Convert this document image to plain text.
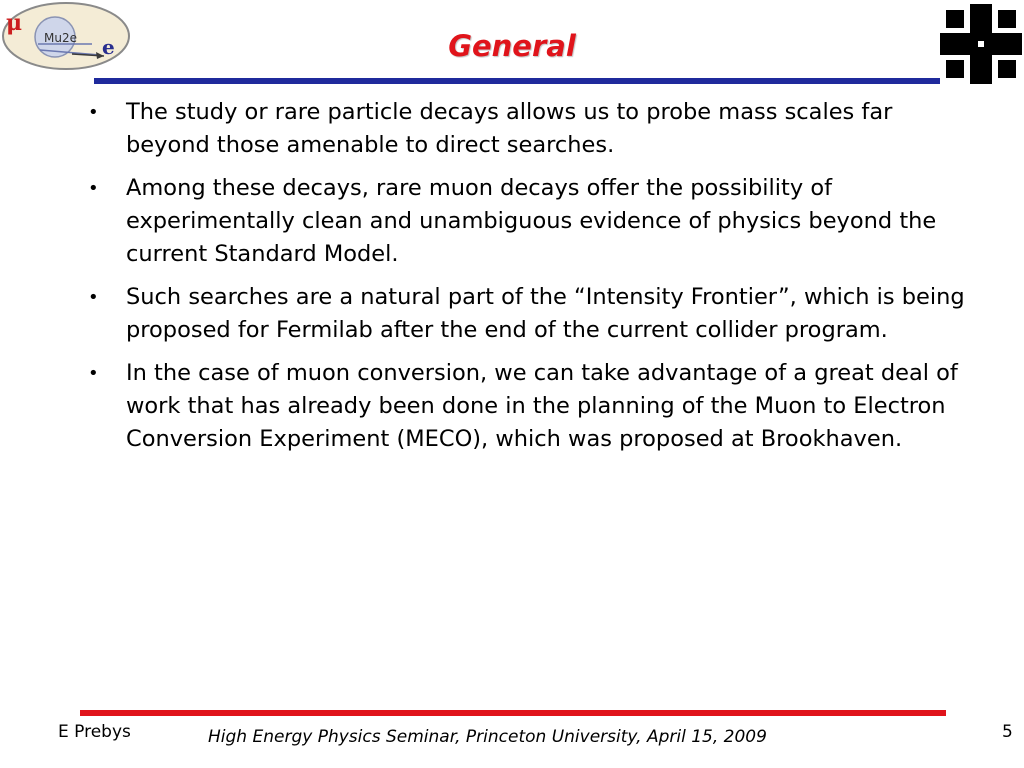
Mu2e
μ
e	General
• The study or rare particle decays allows us to probe mass scales far beyond those amenable to direct searches.
• Among these decays, rare muon decays offer the possibility of experimentally clean and unambiguous evidence of physics beyond the current Standard Model.
• Such searches are a natural part of the “Intensity Frontier”, which is being proposed for Fermilab after the end of the current collider program.
• In the case of muon conversion, we can take advantage of a great deal of work that has already been done in the planning of the Muon to Electron Conversion Experiment (MECO), which was proposed at Brookhaven.
E Prebys	High Energy Physics Seminar, Princeton University, April 15, 2009	5
